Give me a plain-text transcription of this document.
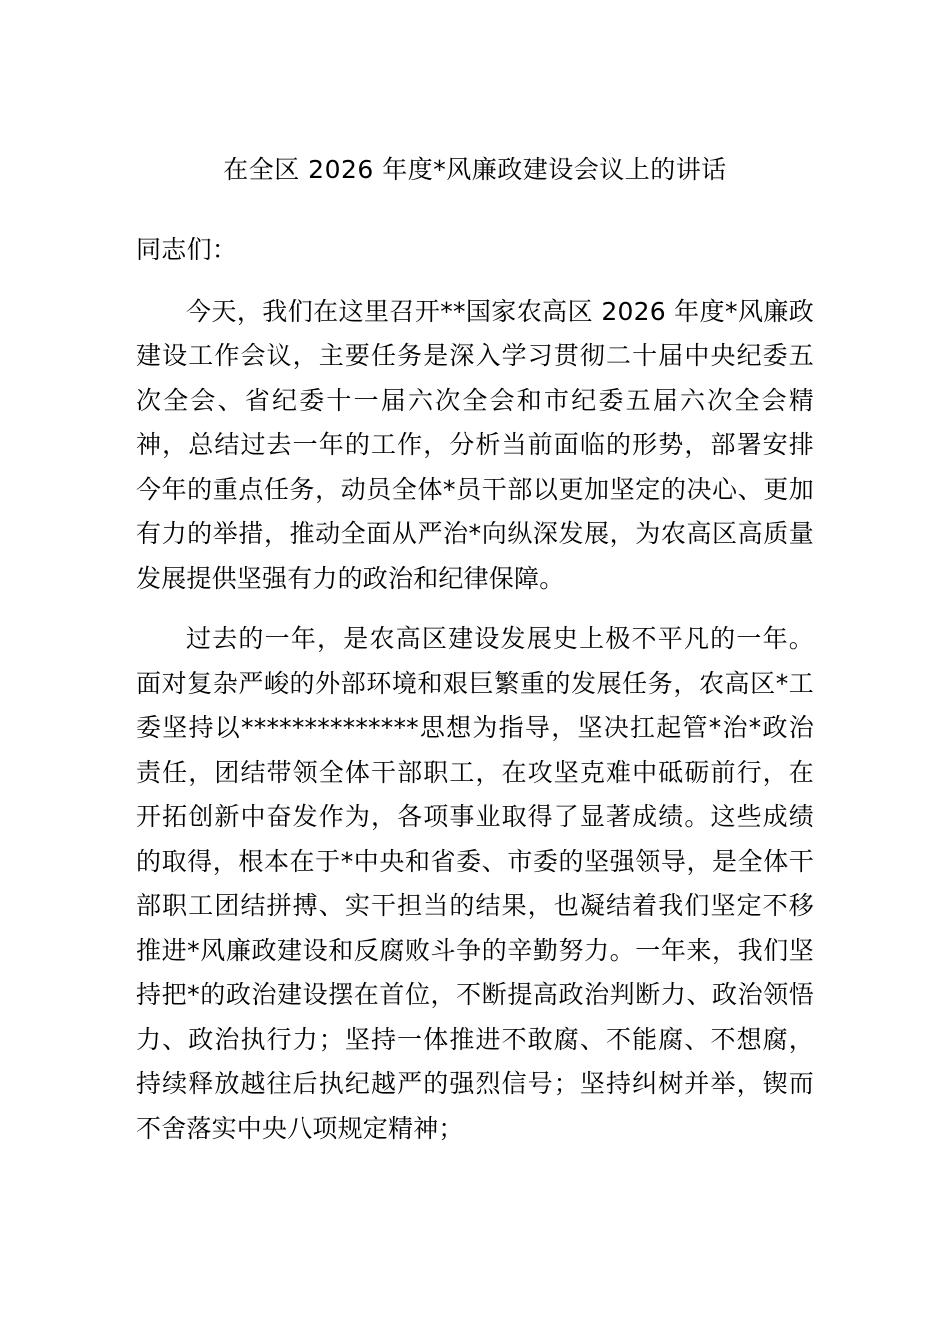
在全区 2026 年度*风廉政建设会议上的讲话

同志们：

今天，我们在这里召开**国家农高区 2026 年度*风廉政建设工作会议，主要任务是深入学习贯彻二十届中央纪委五次全会、省纪委十一届六次全会和市纪委五届六次全会精神，总结过去一年的工作，分析当前面临的形势，部署安排今年的重点任务，动员全体*员干部以更加坚定的决心、更加有力的举措，推动全面从严治*向纵深发展，为农高区高质量发展提供坚强有力的政治和纪律保障。

过去的一年，是农高区建设发展史上极不平凡的一年。面对复杂严峻的外部环境和艰巨繁重的发展任务，农高区*工委坚持以**************思想为指导，坚决扛起管*治*政治责任，团结带领全体干部职工，在攻坚克难中砥砺前行，在开拓创新中奋发作为，各项事业取得了显著成绩。这些成绩的取得，根本在于*中央和省委、市委的坚强领导，是全体干部职工团结拼搏、实干担当的结果，也凝结着我们坚定不移推进*风廉政建设和反腐败斗争的辛勤努力。一年来，我们坚持把*的政治建设摆在首位，不断提高政治判断力、政治领悟力、政治执行力；坚持一体推进不敢腐、不能腐、不想腐，持续释放越往后执纪越严的强烈信号；坚持纠树并举，锲而不舍落实中央八项规定精神；
